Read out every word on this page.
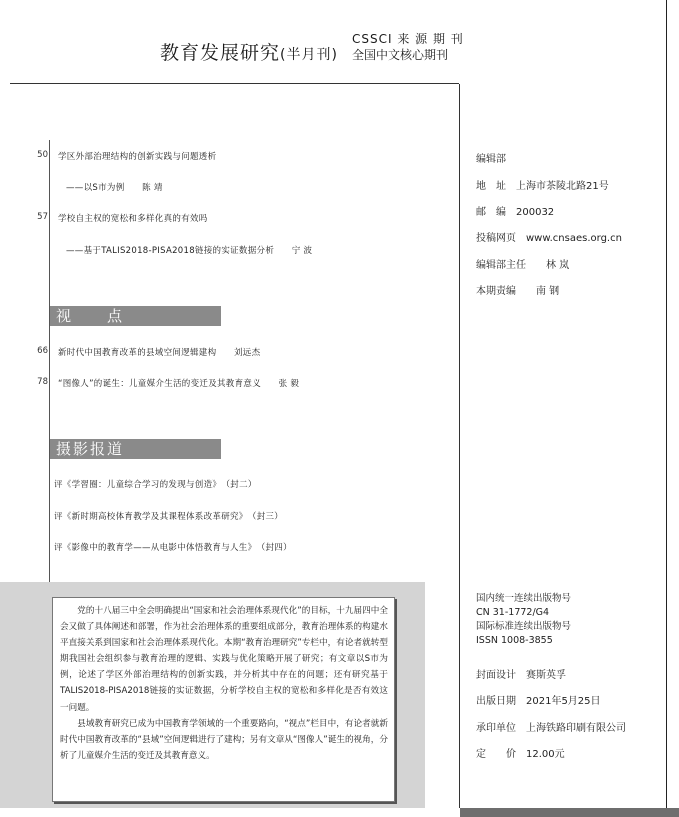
教育发展研究(半月刊)
CSSCI 来 源 期 刊
全国中文核心期刊
50 学区外部治理结构的创新实践与问题透析
——以S市为例　　陈 靖
57 学校自主权的宽松和多样化真的有效吗
——基于TALIS2018-PISA2018链接的实证数据分析　　宁 波
视　　点
66 新时代中国教育改革的县域空间逻辑建构　　刘远杰
78 “图像人”的诞生：儿童媒介生活的变迁及其教育意义　　张 毅
摄影报道
评《学習圈：儿童综合学习的发现与创造》　（封二）
评《新时期高校体育教学及其课程体系改革研究》　（封三）
评《影像中的教育学——从电影中体悟教育与人生》　（封四）
编辑部
地　址　上海市茶陵北路21号
邮　编　200032
投稿网页　www.cnsaes.org.cn
编辑部主任　　林 岚
本期责编　　南 钢
国内统一连续出版物号
CN 31-1772/G4
国际标准连续出版物号
ISSN 1008-3855
封面设计　赛斯英孚
出版日期　2021年5月25日
承印单位　上海铁路印刷有限公司
定　　价　12.00元

党的十八届三中全会明确提出“国家和社会治理体系现代化”的目标，十九届四中全会又做了具体阐述和部署，作为社会治理体系的重要组成部分，教育治理体系的构建水平直接关系到国家和社会治理体系现代化。本期“教育治理研究”专栏中，有论者就转型期我国社会组织参与教育治理的逻辑、实践与优化策略开展了研究；有文章以S市为例，论述了学区外部治理结构的创新实践，并分析其中存在的问题；还有研究基于TALIS2018-PISA2018链接的实证数据，分析学校自主权的宽松和多样化是否有效这一问题。

县域教育研究已成为中国教育学领域的一个重要路向，“视点”栏目中，有论者就新时代中国教育改革的“县域”空间逻辑进行了建构；另有文章从“图像人”诞生的视角，分析了儿童媒介生活的变迁及其教育意义。
